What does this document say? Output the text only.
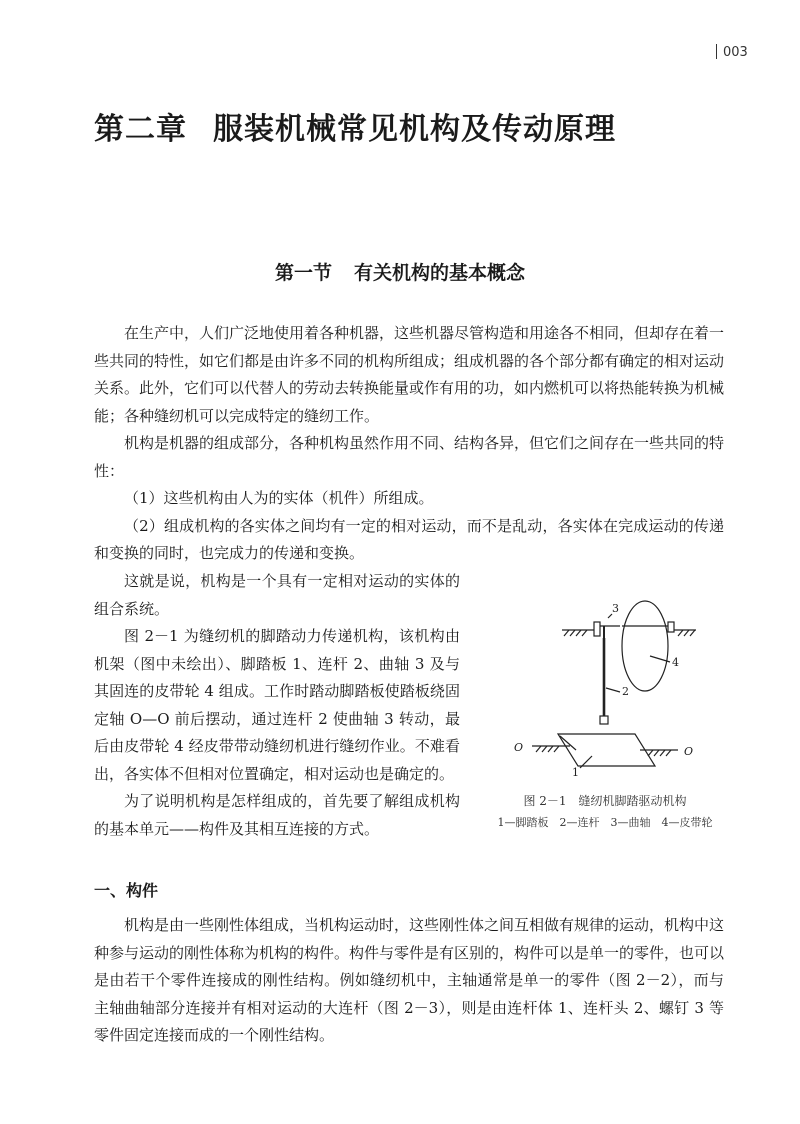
003
第二章 服装机械常见机构及传动原理
第一节 有关机构的基本概念

在生产中，人们广泛地使用着各种机器，这些机器尽管构造和用途各不相同，但却存在着一些共同的特性，如它们都是由许多不同的机构所组成；组成机器的各个部分都有确定的相对运动关系。此外，它们可以代替人的劳动去转换能量或作有用的功，如内燃机可以将热能转换为机械能；各种缝纫机可以完成特定的缝纫工作。

机构是机器的组成部分，各种机构虽然作用不同、结构各异，但它们之间存在一些共同的特性：

（1）这些机构由人为的实体（机件）所组成。

（2）组成机构的各实体之间均有一定的相对运动，而不是乱动，各实体在完成运动的传递和变换的同时，也完成力的传递和变换。

这就是说，机构是一个具有一定相对运动的实体的组合系统。

图 2－1 为缝纫机的脚踏动力传递机构，该机构由机架（图中未绘出）、脚踏板 1、连杆 2、曲轴 3 及与其固连的皮带轮 4 组成。工作时踏动脚踏板使踏板绕固定轴 O—O 前后摆动，通过连杆 2 使曲轴 3 转动，最后由皮带轮 4 经皮带带动缝纫机进行缝纫作业。不难看出，各实体不但相对位置确定，相对运动也是确定的。

为了说明机构是怎样组成的，首先要了解组成机构的基本单元——构件及其相互连接的方式。

3
2
4
1
O	O
图 2－1　缝纫机脚踏驱动机构
1—脚踏板　2—连杆　3—曲轴　4—皮带轮
一、构件

机构是由一些刚性体组成，当机构运动时，这些刚性体之间互相做有规律的运动，机构中这种参与运动的刚性体称为机构的构件。构件与零件是有区别的，构件可以是单一的零件，也可以是由若干个零件连接成的刚性结构。例如缝纫机中，主轴通常是单一的零件（图 2－2），而与主轴曲轴部分连接并有相对运动的大连杆（图 2－3），则是由连杆体 1、连杆头 2、螺钉 3 等零件固定连接而成的一个刚性结构。
